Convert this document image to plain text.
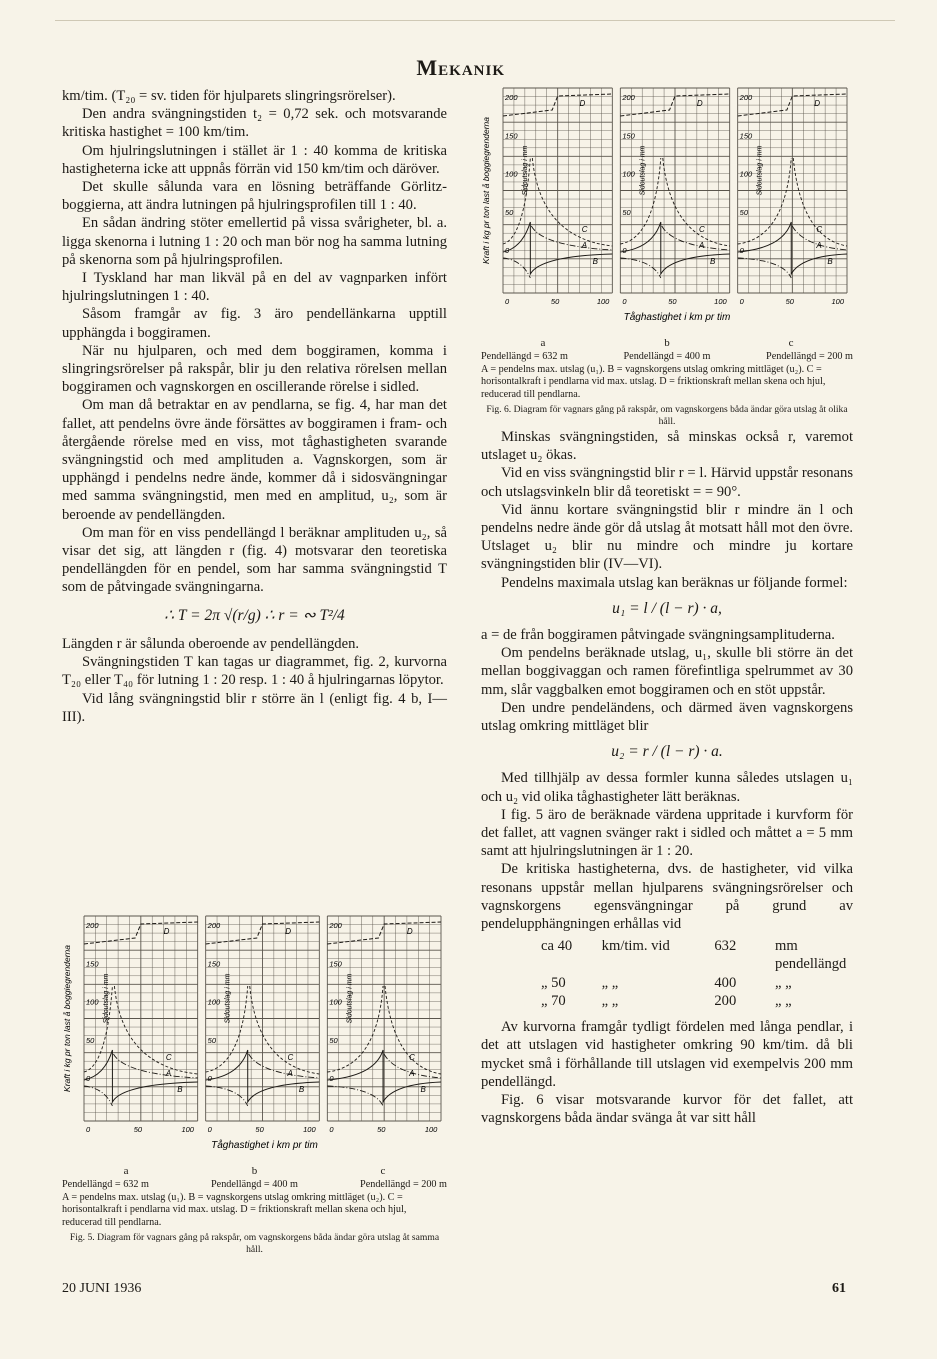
Mekanik

km/tim. (T₂₀ = sv. tiden för hjulparets slingringsrörelser).

Den andra svängningstiden t₂ = 0,72 sek. och motsvarande kritiska hastighet = 100 km/tim.

Om hjulringslutningen i stället är 1 : 40 komma de kritiska hastigheterna icke att uppnås förrän vid 150 km/tim och däröver.

Det skulle sålunda vara en lösning beträffande Görlitz-boggierna, att ändra lutningen på hjulringsprofilen till 1 : 40.

En sådan ändring stöter emellertid på vissa svårigheter, bl. a. ligga skenorna i lutning 1 : 20 och man bör nog ha samma lutning på skenorna som på hjulringsprofilen.

I Tyskland har man likväl på en del av vagnparken infört hjulringslutningen 1 : 40.

Såsom framgår av fig. 3 äro pendellänkarna upptill upphängda i boggiramen.

När nu hjulparen, och med dem boggiramen, komma i slingringsrörelser på rakspår, blir ju den relativa rörelsen mellan boggiramen och vagnskorgen en oscillerande rörelse i sidled.

Om man då betraktar en av pendlarna, se fig. 4, har man det fallet, att pendelns övre ände försättes av boggiramen i fram- och återgående rörelse med en viss, mot tåghastigheten svarande svängningstid och med amplituden a. Vagnskorgen, som är upphängd i pendelns nedre ände, kommer då i sidosvängningar med samma svängningstid, men med en amplitud, u₂, som är beroende av pendellängden.

Om man för en viss pendellängd l beräknar amplituden u₂, så visar det sig, att längden r (fig. 4) motsvarar den teoretiska pendellängden för en pendel, som har samma svängningstid T som de påtvingade svängningarna.

∴ T = 2π √(r/g) ∴ r = ∾ T²/4

Längden r är sålunda oberoende av pendellängden.

Svängningstiden T kan tagas ur diagrammet, fig. 2, kurvorna T₂₀ eller T₄₀ för lutning 1 : 20 resp. 1 : 40 å hjulringarnas löpytor.

Vid lång svängningstid blir r större än l (enligt fig. 4 b, I—III).

Kraft i kg pr ton last å boggiegrenderna
200
150
100
50
0
Sidoutslag i mm
0	50	100
A
B
C
D
200
150
100
50
0
Sidoutslag i mm
0	50	100
A
B
C
D
200
150
100
50
0
Sidoutslag i mm
0	50	100
A
B
C
D
Tåghastighet i km pr tim
a	b	c
Pendellängd = 632 m	Pendellängd = 400 m	Pendellängd = 200 m
A = pendelns max. utslag (u₁). B = vagnskorgens utslag omkring mittläget (u₂). C = horisontalkraft i pendlarna vid max. utslag. D = friktionskraft mellan skena och hjul, reducerad till pendlarna.
Fig. 5. Diagram för vagnars gång på rakspår, om vagnskorgens båda ändar göra utslag åt samma håll.
Kraft i kg pr ton last å boggiegrenderna
200
150
100
50
0
Sidoutslag i mm
0	50	100
A
B
C
D
200
150
100
50
0
Sidoutslag i mm
0	50	100
A
B
C
D
200
150
100
50
0
Sidoutslag i mm
0	50	100
A
B
C
D
Tåghastighet i km pr tim
a	b	c
Pendellängd = 632 m	Pendellängd = 400 m	Pendellängd = 200 m
A = pendelns max. utslag (u₁). B = vagnskorgens utslag omkring mittläget (u₂). C = horisontalkraft i pendlarna vid max. utslag. D = friktionskraft mellan skena och hjul, reducerad till pendlarna.
Fig. 6. Diagram för vagnars gång på rakspår, om vagnskorgens båda ändar göra utslag åt olika håll.

Minskas svängningstiden, så minskas också r, varemot utslaget u₂ ökas.

Vid en viss svängningstid blir r = l. Härvid uppstår resonans och utslagsvinkeln blir då teoretiskt = = 90°.

Vid ännu kortare svängningstid blir r mindre än l och pendelns nedre ände gör då utslag åt motsatt håll mot den övre. Utslaget u₂ blir nu mindre och mindre ju kortare svängningstiden blir (IV—VI).

Pendelns maximala utslag kan beräknas ur följande formel:

u₁ = l / (l − r) · a,

a = de från boggiramen påtvingade svängningsamplituderna.

Om pendelns beräknade utslag, u₁, skulle bli större än det mellan boggivaggan och ramen förefintliga spelrummet av 30 mm, slår vaggbalken emot boggiramen och en stöt uppstår.

Den undre pendeländens, och därmed även vagnskorgens utslag omkring mittläget blir

u₂ = r / (l − r) · a.

Med tillhjälp av dessa formler kunna således utslagen u₁ och u₂ vid olika tåghastigheter lätt beräknas.

I fig. 5 äro de beräknade värdena uppritade i kurvform för det fallet, att vagnen svänger rakt i sidled och måttet a = 5 mm samt att hjulringslutningen är 1 : 20.

De kritiska hastigheterna, dvs. de hastigheter, vid vilka resonans uppstår mellan hjulparens svängningsrörelser och vagnskorgens egensvängningar på grund av pendelupphängningen erhållas vid

ca 40	km/tim. vid	632	mm pendellängd
„ 50	„ „	400	„ „
„ 70	„ „	200	„ „

Av kurvorna framgår tydligt fördelen med långa pendlar, i det att utslagen vid hastigheter omkring 90 km/tim. då bli mycket små i förhållande till utslagen vid exempelvis 200 mm pendellängd.

Fig. 6 visar motsvarande kurvor för det fallet, att vagnskorgens båda ändar svänga åt var sitt håll

20 JUNI 1936	61
